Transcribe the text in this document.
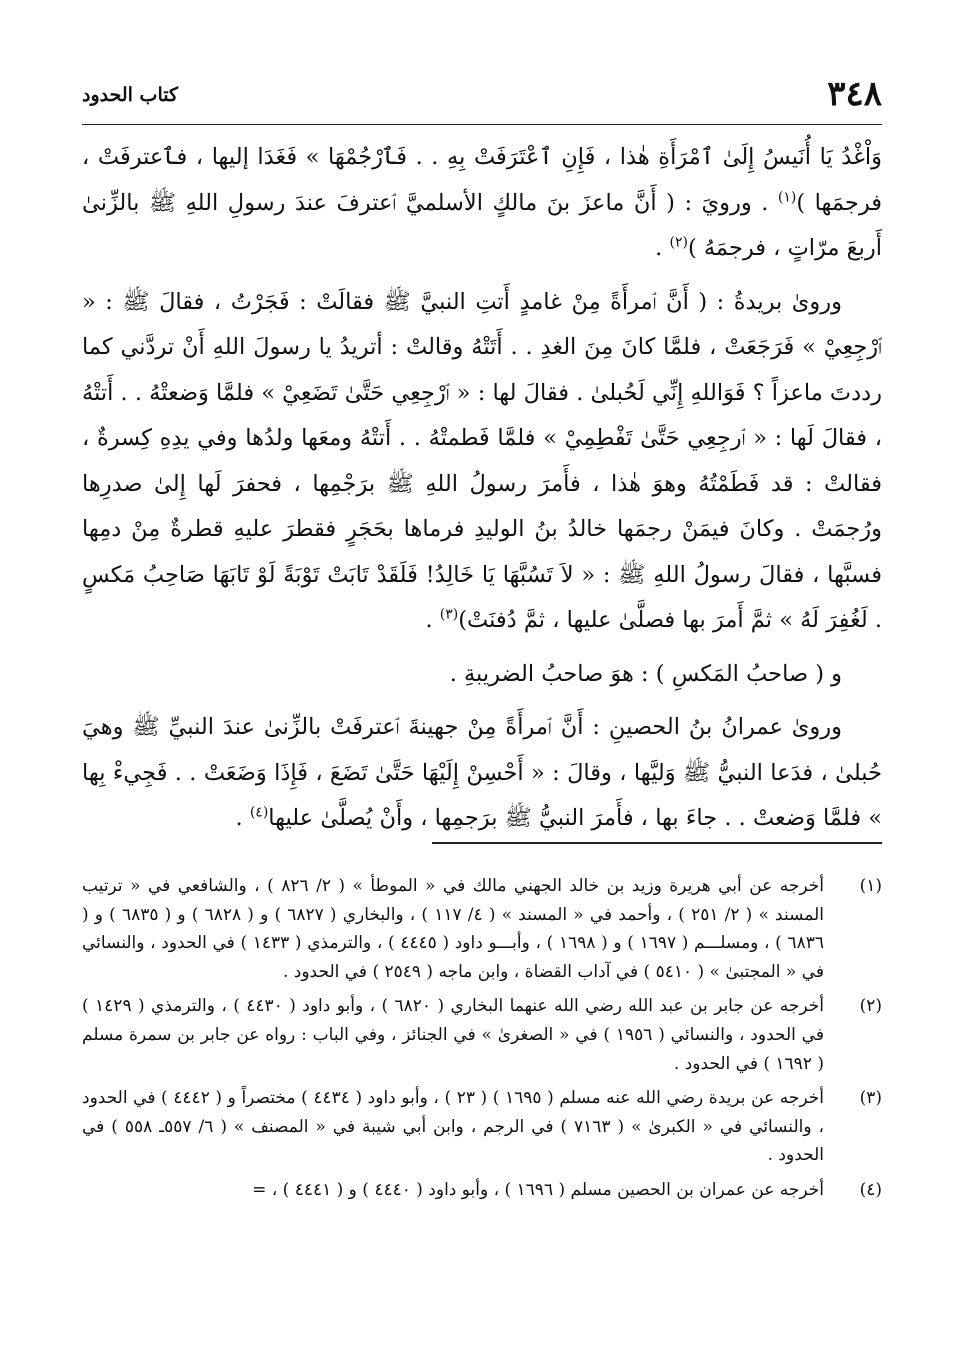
٣٤٨
كتاب الحدود

وَاْغْدُ يَا أُنَيسُ إِلَىٰ ٱمْرَأَةِ هٰذا ، فَإِنِ ٱعْتَرَفَتْ بِهِ . . فَٱرْجُمْهَا » فَغَدَا إليها ، فٱعترفَتْ ، فرجمَها )$^{(١)}$ . ورويَ : ( أَنَّ ماعزَ بنَ مالكٍ الأسلميَّ ٱعترفَ عندَ رسولِ اللهِ ﷺ بالزِّنىٰ أَربعَ مرّاتٍ ، فرجمَهُ )$^{(٢)}$ .

ورویٰ بريدةُ : ( أَنَّ ٱمرأَةً مِنْ غامدٍ أَتتِ النبيَّ ﷺ فقالَتْ : فَجَرْتُ ، فقالَ ﷺ : « ٱرْجِعِيْ » فَرَجَعَتْ ، فلمَّا كانَ مِنَ الغدِ . . أَتَتْهُ وقالتْ : أتريدُ يا رسولَ اللهِ أَنْ تردَّني كما رددتَ ماعزاً ؟ فَوَاللهِ إِنِّي لَحُبلىٰ . فقالَ لها : « ٱرْجِعِي حَتَّىٰ تَضَعِيْ » فلمَّا وَضعتْهُ . . أَتتْهُ ، فقالَ لَها : « ٱرجِعِي حَتَّىٰ تَفْطِمِيْ » فلمَّا فَطمتْهُ . . أَتتْهُ ومعَها ولدُها وفي يدِهِ كِسرةٌ ، فقالتْ : قد فَطَمْتُهُ وهوَ هٰذا ، فأَمرَ رسولُ اللهِ ﷺ برَجْمِها ، فحفرَ لَها إِلىٰ صدرِها ورُجمَتْ . وكانَ فيمَنْ رجمَها خالدُ بنُ الوليدِ فرماها بحَجَرٍ فقطرَ عليهِ قطرةٌ مِنْ دمِها فسبَّها ، فقالَ رسولُ اللهِ ﷺ : « لاَ تَسُبَّهَا يَا خَالِدُ! فَلَقَدْ تَابَتْ تَوْبَةً لَوْ تَابَهَا صَاحِبُ مَكسٍ . لَغُفِرَ لَهُ » ثمَّ أَمرَ بها فصلَّىٰ عليها ، ثمَّ دُفنَتْ)$^{(٣)}$ .

و ( صاحبُ المَكسِ ) : هوَ صاحبُ الضريبةِ .

ورویٰ عمرانُ بنُ الحصينِ : أَنَّ ٱمرأَةً مِنْ جهينةَ ٱعترفَتْ بالزِّنىٰ عندَ النبيِّ ﷺ وهيَ حُبلىٰ ، فدَعا النبيُّ ﷺ وَليَّها ، وقالَ : « أَحْسِنْ إِلَيْهَا حَتَّىٰ تَضَعَ ، فَإِذَا وَضَعَتْ . . فَجِيءْ بِها » فلمَّا وَضعتْ . . جاءَ بها ، فأَمرَ النبيُّ ﷺ برَجمِها ، وأَنْ يُصلَّىٰ عليها$^{(٤)}$ .

(١)
أخرجه عن أبي هريرة وزيد بن خالد الجهني مالك في « الموطأ » ( ٢/ ٨٢٦ ) ، والشافعي في « ترتيب المسند » ( ٢/ ٢٥١ ) ، وأحمد في « المسند » ( ٤/ ١١٧ ) ، والبخاري ( ٦٨٢٧ ) و ( ٦٨٢٨ ) و ( ٦٨٣٥ ) و ( ٦٨٣٦ ) ، ومسلـــم ( ١٦٩٧ ) و ( ١٦٩٨ ) ، وأبـــو داود ( ٤٤٤٥ ) ، والترمذي ( ١٤٣٣ ) في الحدود ، والنسائي في « المجتبىٰ » ( ٥٤١٠ ) في آداب القضاة ، وابن ماجه ( ٢٥٤٩ ) في الحدود .
(٢)
أخرجه عن جابر بن عبد الله رضي الله عنهما البخاري ( ٦٨٢٠ ) ، وأبو داود ( ٤٤٣٠ ) ، والترمذي ( ١٤٢٩ ) في الحدود ، والنسائي ( ١٩٥٦ ) في « الصغرىٰ » في الجنائز ، وفي الباب : رواه عن جابر بن سمرة مسلم ( ١٦٩٢ ) في الحدود .
(٣)
أخرجه عن بريدة رضي الله عنه مسلم ( ١٦٩٥ ) ( ٢٣ ) ، وأبو داود ( ٤٤٣٤ ) مختصراً و ( ٤٤٤٢ ) في الحدود ، والنسائي في « الكبرىٰ » ( ٧١٦٣ ) في الرجم ، وابن أبي شيبة في « المصنف » ( ٦/ ٥٥٧ـ ٥٥٨ ) في الحدود .
(٤)
أخرجه عن عمران بن الحصين مسلم ( ١٦٩٦ ) ، وأبو داود ( ٤٤٤٠ ) و ( ٤٤٤١ ) ، =
